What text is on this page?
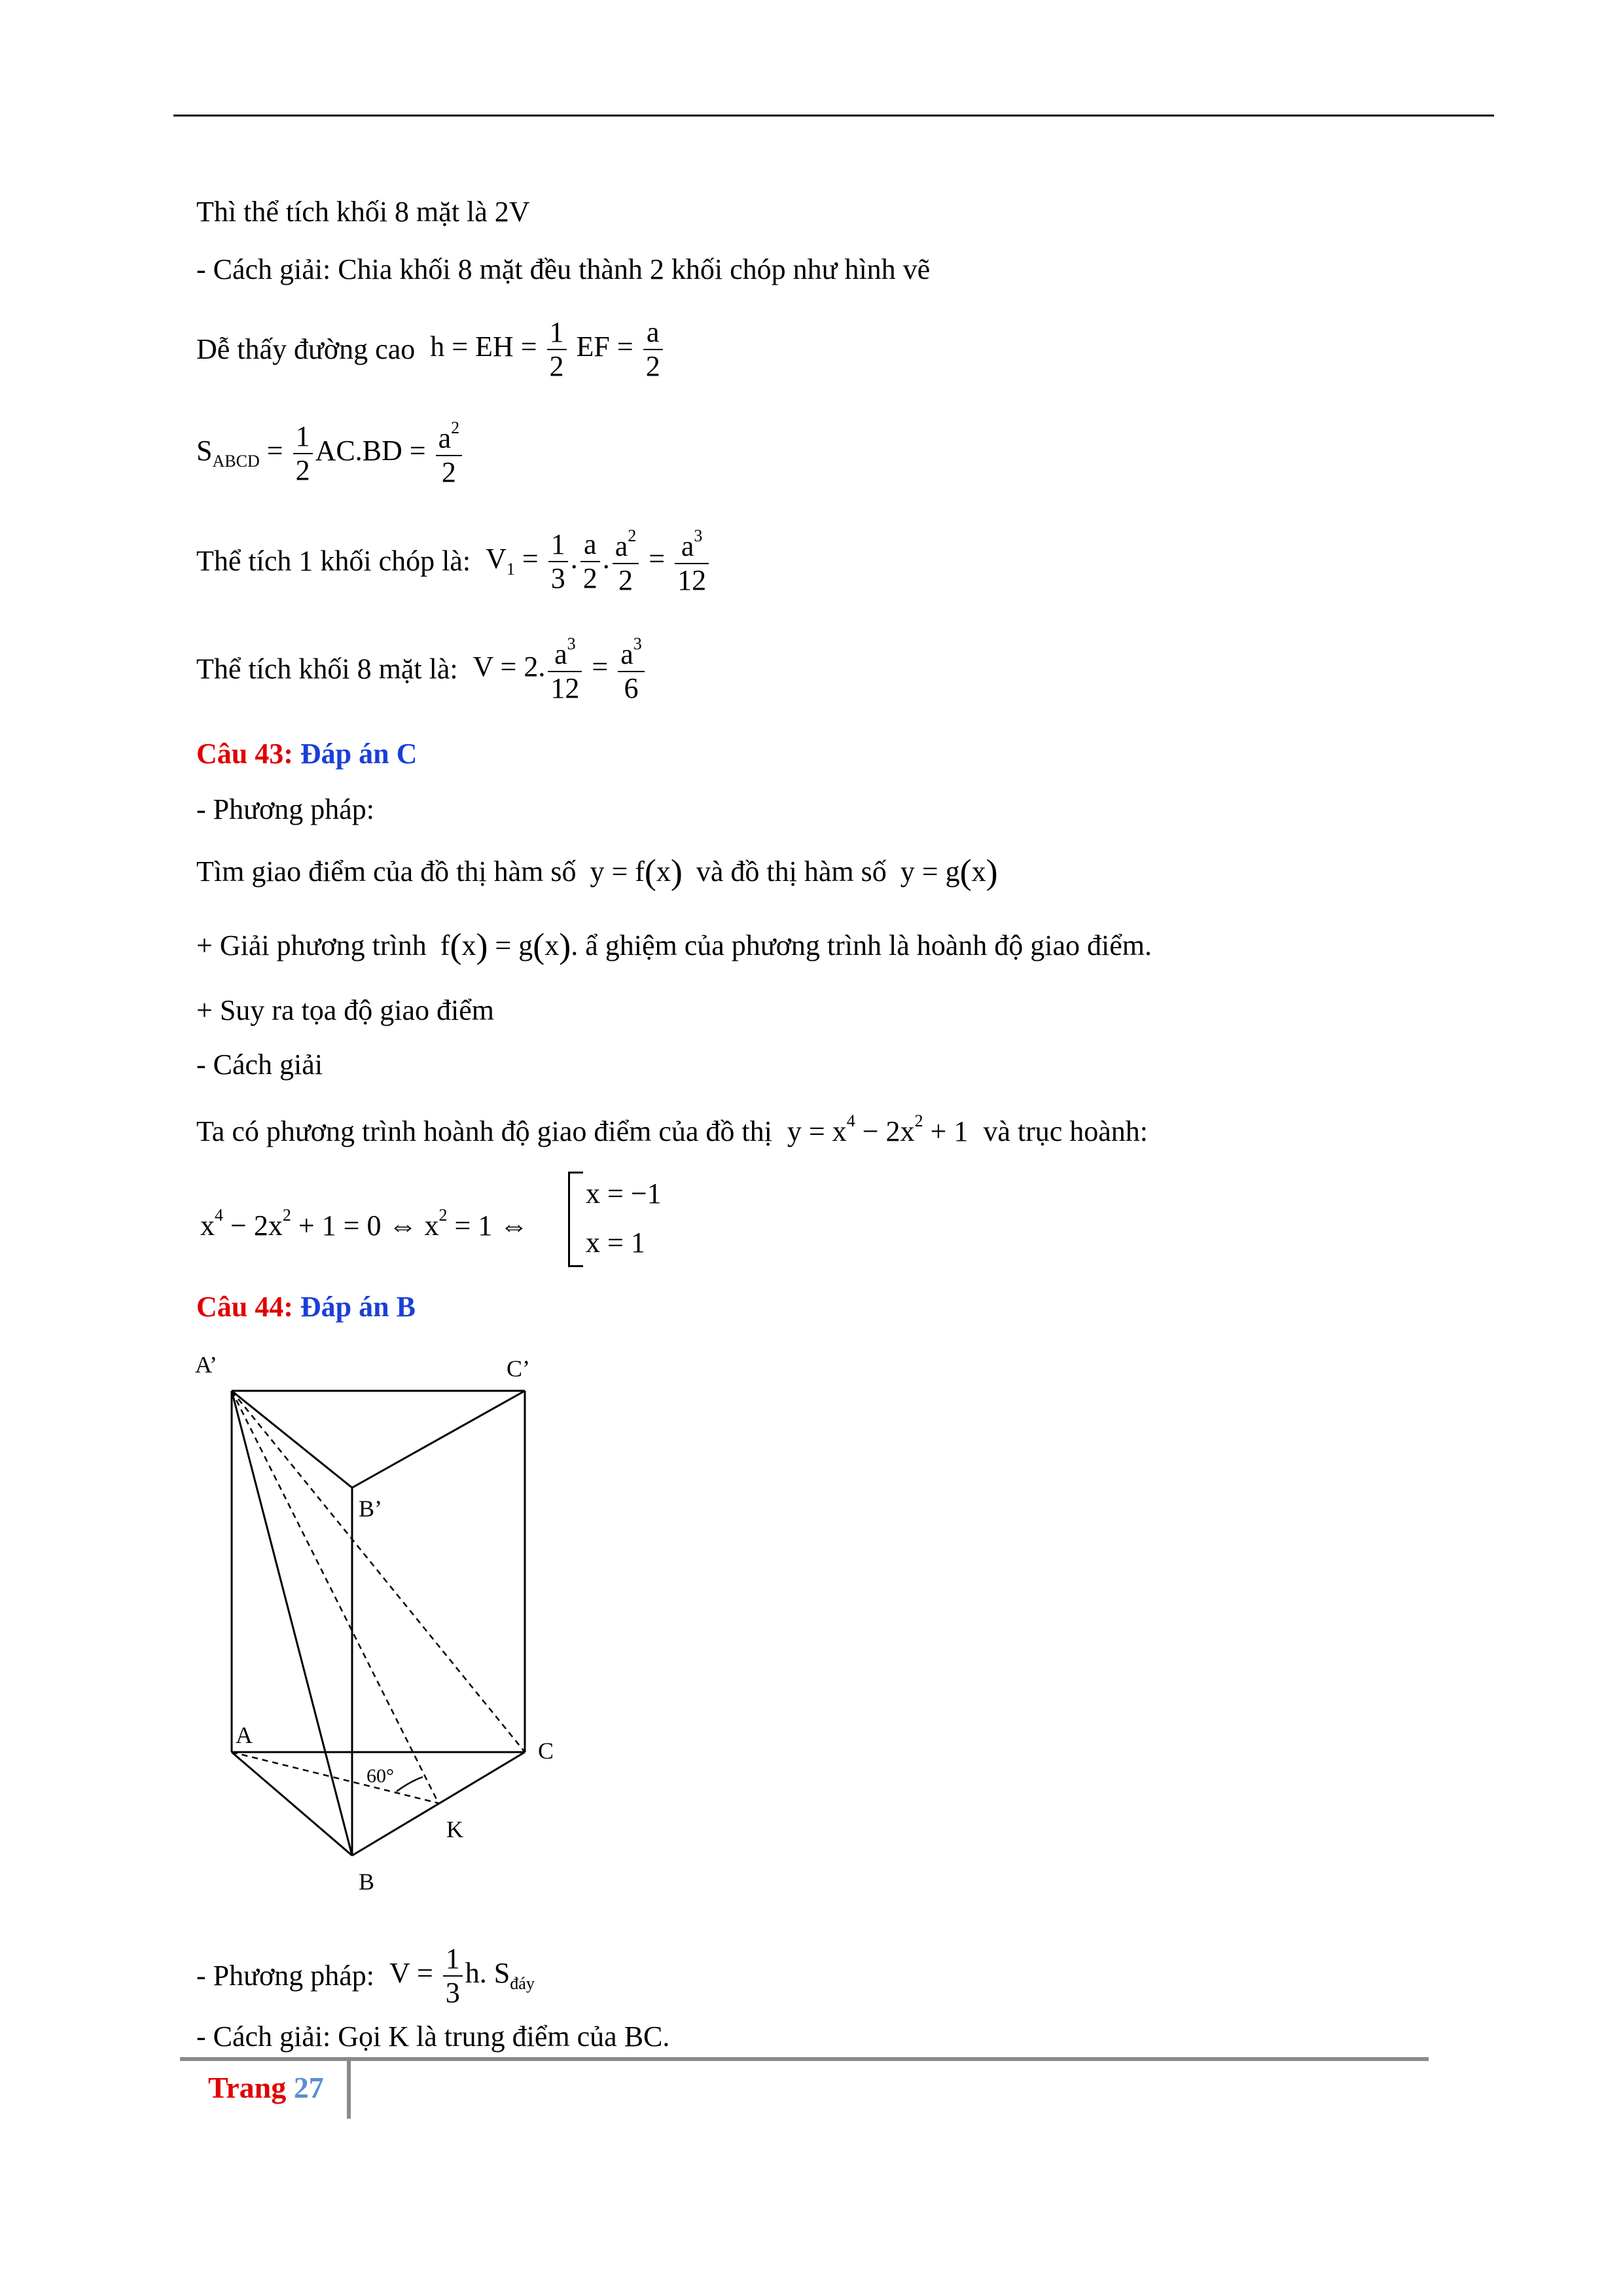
Thì thể tích khối 8 mặt là 2V
- Cách giải: Chia khối 8 mặt đều thành 2 khối chóp như hình vẽ
Dễ thấy đường cao h = EH = $\frac{1}{2}$ EF = $\frac{a}{2}$
$S_{ABCD} = \frac{1}{2} AC.BD = \frac{a^2}{2}$
Thể tích 1 khối chóp là: $V_1 = \frac{1}{3}$ . $\frac{a}{2}$ . $\frac{a^2}{2} = \frac{a^3}{12}$
Thể tích khối 8 mặt là: V = 2. $\frac{a^3}{12} = \frac{a^3}{6}$
Câu 43: Đáp án C
- Phương pháp:
Tìm giao điểm của đồ thị hàm số y = f(x) và đồ thị hàm số y = g(x)
+ Giải phương trình f(x) = g(x). ẩ ghiệm của phương trình là hoành độ giao điểm.
+ Suy ra tọa độ giao điểm
- Cách giải
Ta có phương trình hoành độ giao điểm của đồ thị $y = x^4 - 2x^2 + 1$ và trục hoành:
$x^4 - 2x^2 + 1 = 0$ ⇔ $x^2 = 1$ ⇔
x = −1
x = 1
Câu 44: Đáp án B
A’	C’
B’
A
C
B
K
60°
- Phương pháp: $V = \frac{1}{3} h$. $S_{đáy}$
- Cách giải: Gọi K là trung điểm của BC.
Trang 27
